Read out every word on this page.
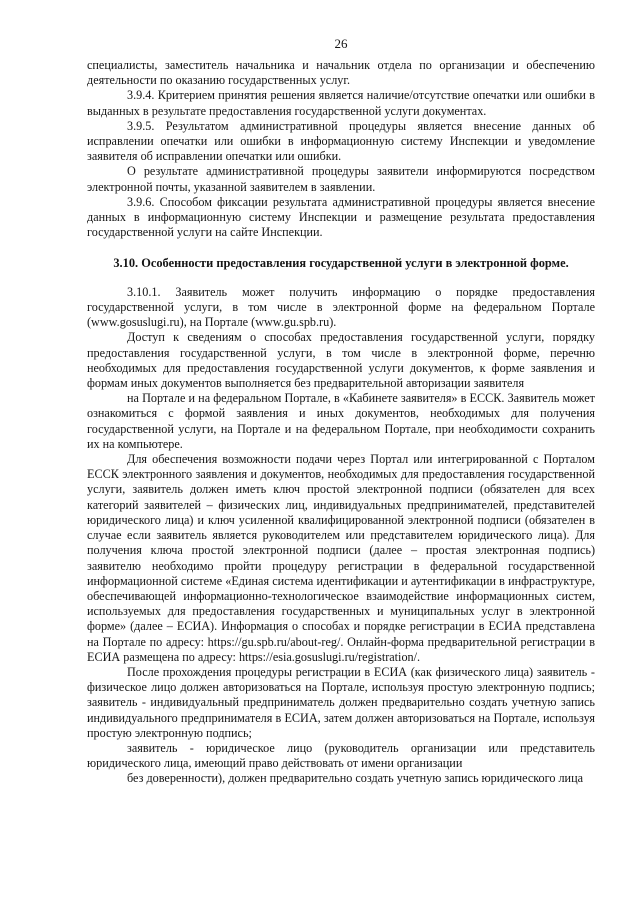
26

специалисты, заместитель начальника и начальник отдела по организации и обеспечению деятельности по оказанию государственных услуг.

3.9.4. Критерием принятия решения является наличие/отсутствие опечатки или ошибки в выданных в результате предоставления государственной услуги документах.

3.9.5. Результатом административной процедуры является внесение данных об исправлении опечатки или ошибки в информационную систему Инспекции и уведомление заявителя об исправлении опечатки или ошибки.

О результате административной процедуры заявители информируются посредством электронной почты, указанной заявителем в заявлении.

3.9.6. Способом фиксации результата административной процедуры является внесение данных в информационную систему Инспекции и размещение результата предоставления государственной услуги на сайте Инспекции.

3.10. Особенности предоставления государственной услуги в электронной форме.

3.10.1. Заявитель может получить информацию о порядке предоставления государственной услуги, в том числе в электронной форме на федеральном Портале (www.gosuslugi.ru), на Портале (www.gu.spb.ru).

Доступ к сведениям о способах предоставления государственной услуги, порядку предоставления государственной услуги, в том числе в электронной форме, перечню необходимых для предоставления государственной услуги документов, к форме заявления и формам иных документов выполняется без предварительной авторизации заявителя

на Портале и на федеральном Портале, в «Кабинете заявителя» в ЕССК. Заявитель может ознакомиться с формой заявления и иных документов, необходимых для получения государственной услуги, на Портале и на федеральном Портале, при необходимости сохранить их на компьютере.

Для обеспечения возможности подачи через Портал или интегрированной с Порталом ЕССК электронного заявления и документов, необходимых для предоставления государственной услуги, заявитель должен иметь ключ простой электронной подписи (обязателен для всех категорий заявителей – физических лиц, индивидуальных предпринимателей, представителей юридического лица) и ключ усиленной квалифицированной электронной подписи (обязателен в случае если заявитель является руководителем или представителем юридического лица). Для получения ключа простой электронной подписи (далее – простая электронная подпись) заявителю необходимо пройти процедуру регистрации в федеральной государственной информационной системе «Единая система идентификации и аутентификации в инфраструктуре, обеспечивающей информационно-технологическое взаимодействие информационных систем, используемых для предоставления государственных и муниципальных услуг в электронной форме» (далее – ЕСИА). Информация о способах и порядке регистрации в ЕСИА представлена на Портале по адресу: https://gu.spb.ru/about-reg/. Онлайн-форма предварительной регистрации в ЕСИА размещена по адресу: https://esia.gosuslugi.ru/registration/.

После прохождения процедуры регистрации в ЕСИА (как физического лица) заявитель - физическое лицо должен авторизоваться на Портале, используя простую электронную подпись; заявитель - индивидуальный предприниматель должен предварительно создать учетную запись индивидуального предпринимателя в ЕСИА, затем должен авторизоваться на Портале, используя простую электронную подпись;

заявитель - юридическое лицо (руководитель организации или представитель юридического лица, имеющий право действовать от имени организации

без доверенности), должен предварительно создать учетную запись юридического лица
